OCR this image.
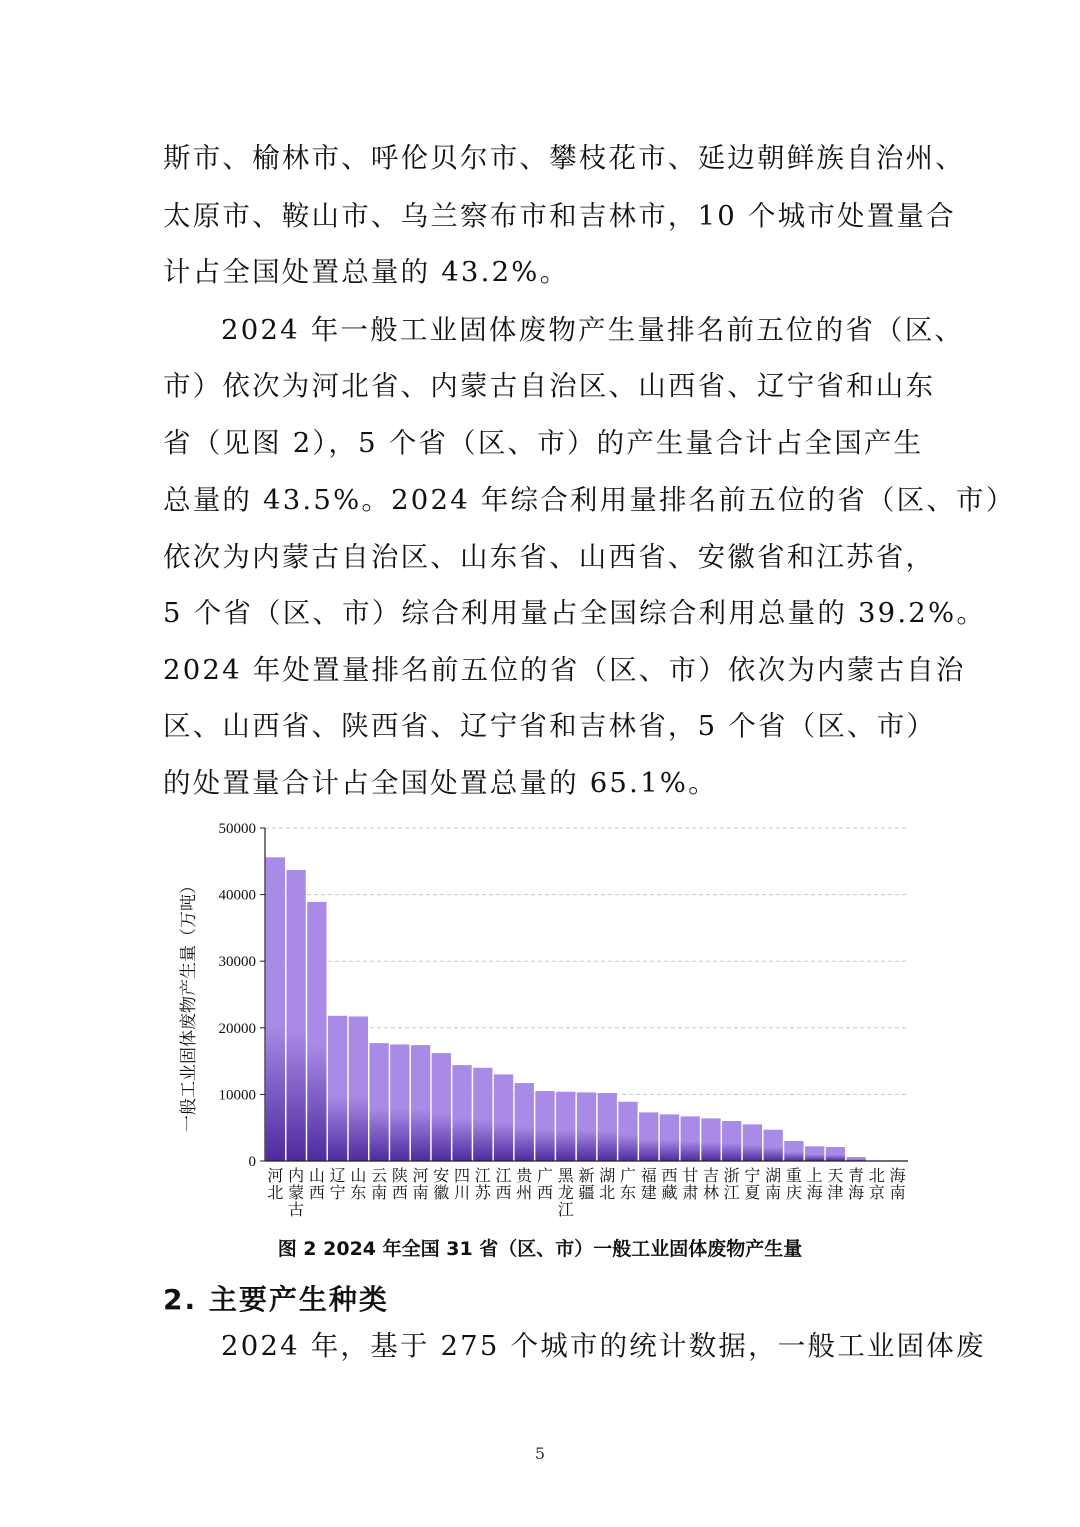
斯市、榆林市、呼伦贝尔市、攀枝花市、延边朝鲜族自治州、
太原市、鞍山市、乌兰察布市和吉林市，10 个城市处置量合
计占全国处置总量的 43.2%。
2024 年一般工业固体废物产生量排名前五位的省（区、
市）依次为河北省、内蒙古自治区、山西省、辽宁省和山东
省（见图 2），5 个省（区、市）的产生量合计占全国产生
总量的 43.5%。2024 年综合利用量排名前五位的省（区、市）
依次为内蒙古自治区、山东省、山西省、安徽省和江苏省，
5 个省（区、市）综合利用量占全国综合利用总量的 39.2%。
2024 年处置量排名前五位的省（区、市）依次为内蒙古自治
区、山西省、陕西省、辽宁省和吉林省，5 个省（区、市）
的处置量合计占全国处置总量的 65.1%。
0
10000
20000
30000
40000
50000
河北
内蒙古
山西
辽宁
山东
云南
陕西
河南
安徽
四川
江苏
江西
贵州
广西
黑龙江
新疆
湖北
广东
福建
西藏
甘肃
吉林
浙江
宁夏
湖南
重庆
上海
天津
青海
北京
海南
一般工业固体废物产生量（万吨）
图 2 2024 年全国 31 省（区、市）一般工业固体废物产生量
2. 主要产生种类
2024 年，基于 275 个城市的统计数据，一般工业固体废
5
